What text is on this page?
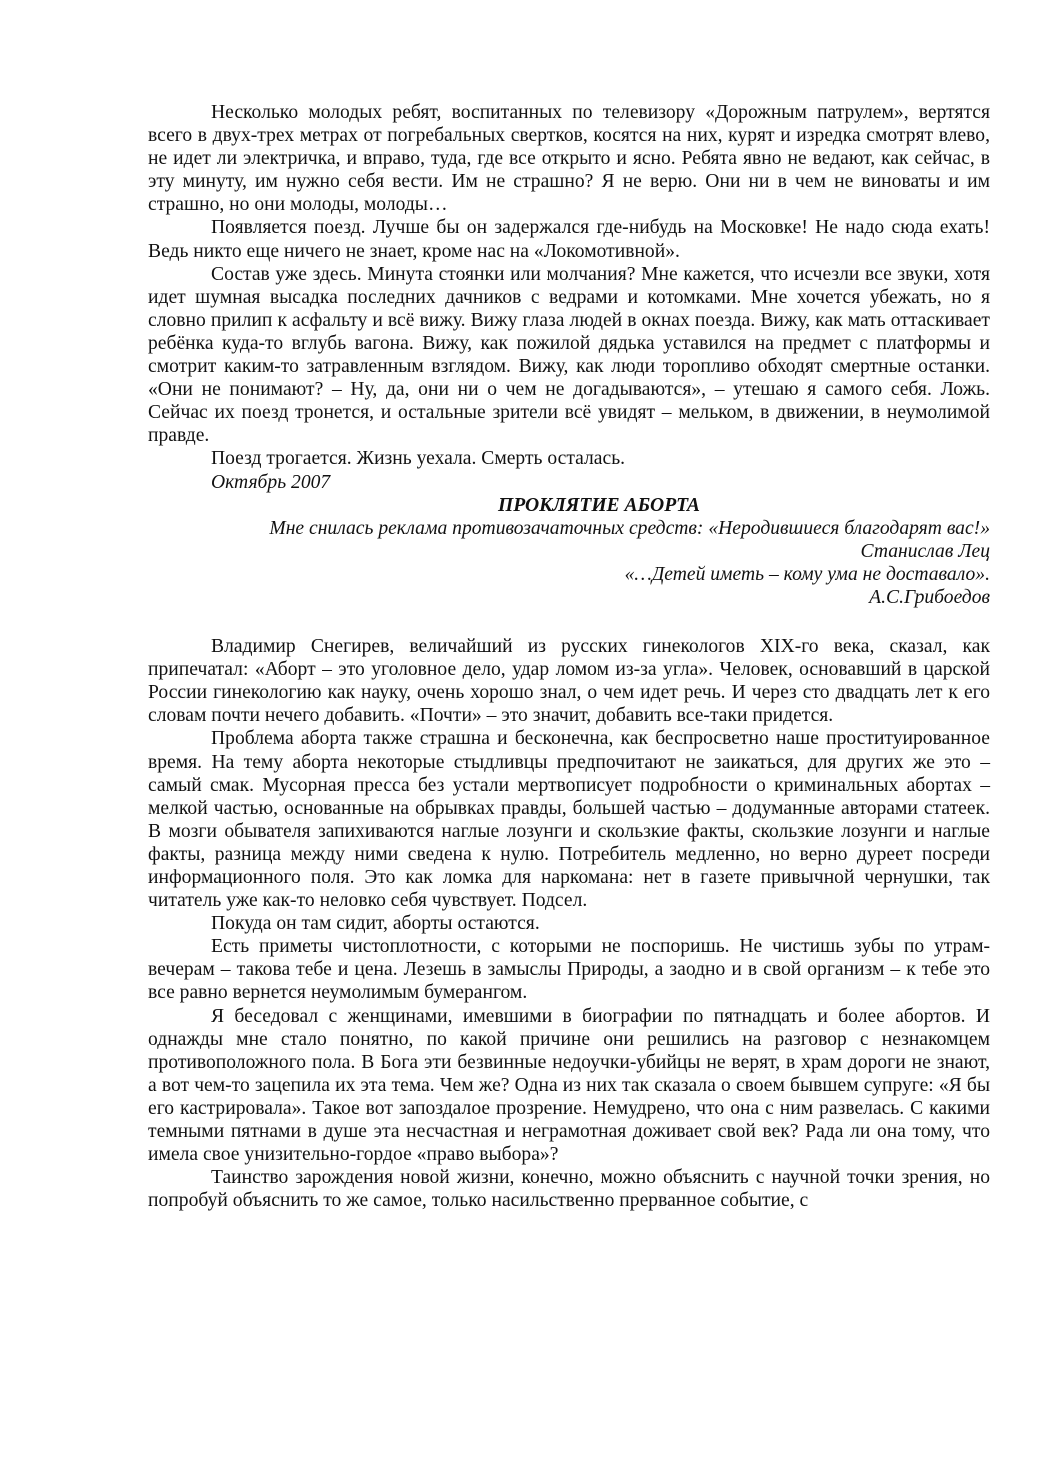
Несколько молодых ребят, воспитанных по телевизору «Дорожным патрулем», вертятся всего в двух-трех метрах от погребальных свертков, косятся на них, курят и изредка смотрят влево, не идет ли электричка, и вправо, туда, где все открыто и ясно. Ребята явно не ведают, как сейчас, в эту минуту, им нужно себя вести. Им не страшно? Я не верю. Они ни в чем не виноваты и им страшно, но они молоды, молоды…

Появляется поезд. Лучше бы он задержался где-нибудь на Московке! Не надо сюда ехать! Ведь никто еще ничего не знает, кроме нас на «Локомотивной».

Состав уже здесь. Минута стоянки или молчания? Мне кажется, что исчезли все звуки, хотя идет шумная высадка последних дачников с ведрами и котомками. Мне хочется убежать, но я словно прилип к асфальту и всё вижу. Вижу глаза людей в окнах поезда. Вижу, как мать оттаскивает ребёнка куда-то вглубь вагона. Вижу, как пожилой дядька уставился на предмет с платформы и смотрит каким-то затравленным взглядом. Вижу, как люди торопливо обходят смертные останки. «Они не понимают? – Ну, да, они ни о чем не догадываются», – утешаю я самого себя. Ложь. Сейчас их поезд тронется, и остальные зрители всё увидят – мельком, в движении, в неумолимой правде.

Поезд трогается. Жизнь уехала. Смерть осталась.

Октябрь 2007

ПРОКЛЯТИЕ АБОРТА

Мне снилась реклама противозачаточных средств: «Неродившиеся благодарят вас!»

Станислав Лец

«…Детей иметь – кому ума не доставало».

А.С.Грибоедов

Владимир Снегирев, величайший из русских гинекологов XIX-го века, сказал, как припечатал: «Аборт – это уголовное дело, удар ломом из-за угла». Человек, основавший в царской России гинекологию как науку, очень хорошо знал, о чем идет речь. И через сто двадцать лет к его словам почти нечего добавить. «Почти» – это значит, добавить все-таки придется.

Проблема аборта также страшна и бесконечна, как беспросветно наше проституированное время. На тему аборта некоторые стыдливцы предпочитают не заикаться, для других же это – самый смак. Мусорная пресса без устали мертвописует подробности о криминальных абортах – мелкой частью, основанные на обрывках правды, большей частью – додуманные авторами статеек. В мозги обывателя запихиваются наглые лозунги и скользкие факты, скользкие лозунги и наглые факты, разница между ними сведена к нулю. Потребитель медленно, но верно дуреет посреди информационного поля. Это как ломка для наркомана: нет в газете привычной чернушки, так читатель уже как-то неловко себя чувствует. Подсел.

Покуда он там сидит, аборты остаются.

Есть приметы чистоплотности, с которыми не поспоришь. Не чистишь зубы по утрам-вечерам – такова тебе и цена. Лезешь в замыслы Природы, а заодно и в свой организм – к тебе это все равно вернется неумолимым бумерангом.

Я беседовал с женщинами, имевшими в биографии по пятнадцать и более абортов. И однажды мне стало понятно, по какой причине они решились на разговор с незнакомцем противоположного пола. В Бога эти безвинные недоучки-убийцы не верят, в храм дороги не знают, а вот чем-то зацепила их эта тема. Чем же? Одна из них так сказала о своем бывшем супруге: «Я бы его кастрировала». Такое вот запоздалое прозрение. Немудрено, что она с ним развелась. С какими темными пятнами в душе эта несчастная и неграмотная доживает свой век? Рада ли она тому, что имела свое унизительно-гордое «право выбора»?

Таинство зарождения новой жизни, конечно, можно объяснить с научной точки зрения, но попробуй объяснить то же самое, только насильственно прерванное событие, с
